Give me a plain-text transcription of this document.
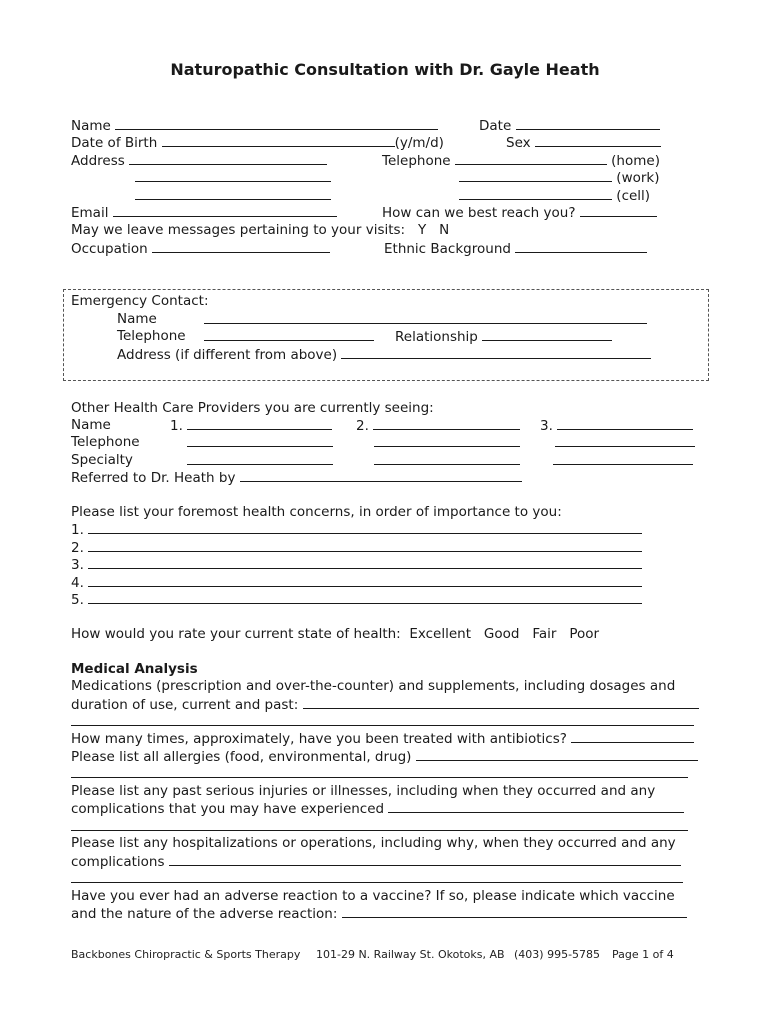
Naturopathic Consultation with Dr. Gayle Heath
Name	Date
Date of Birth	(y/m/d)	Sex
Address	Telephone	(home)
(work)
(cell)
Email	How can we best reach you?
May we leave messages pertaining to your visits: Y N
Occupation	Ethnic Background
Emergency Contact:
Name
Telephone	Relationship
Address (if different from above)
Other Health Care Providers you are currently seeing:
Name	1.	2.	3.
Telephone
Specialty
Referred to Dr. Heath by
Please list your foremost health concerns, in order of importance to you:
1.
2.
3.
4.
5.
How would you rate your current state of health: Excellent Good Fair Poor
Medical Analysis
Medications (prescription and over-the-counter) and supplements, including dosages and
duration of use, current and past:
How many times, approximately, have you been treated with antibiotics?
Please list all allergies (food, environmental, drug)
Please list any past serious injuries or illnesses, including when they occurred and any
complications that you may have experienced
Please list any hospitalizations or operations, including why, when they occurred and any
complications
Have you ever had an adverse reaction to a vaccine? If so, please indicate which vaccine
and the nature of the adverse reaction:
Backbones Chiropractic & Sports Therapy 101-29 N. Railway St. Okotoks, AB (403) 995-5785 Page 1 of 4
